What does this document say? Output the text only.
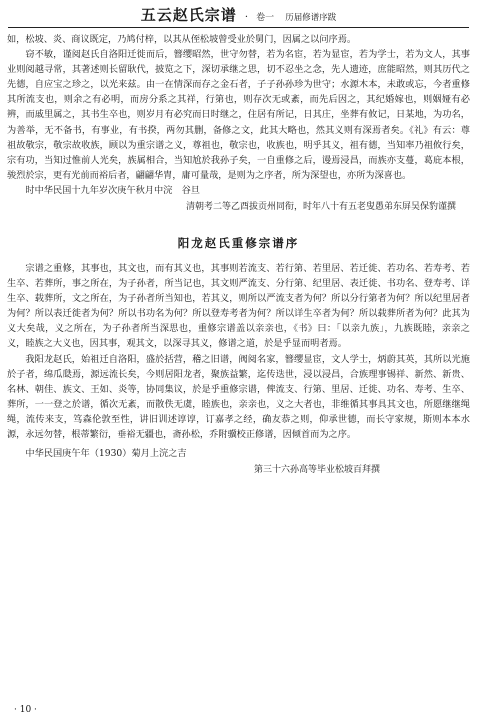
五云赵氏宗谱 · 卷一 历届修谱序跋

如，松坡、炎、商议既定，乃鸠付梓，以其从侄松坡曾受业於舅门，因属之以问序焉。

窃不敏，谨阅赵氏自洛阳迁徙而后，簪缨昭然，世守勿替，若为名宦，若为显宦，若为学士，若为文人，其事业则阅越寻常，其著述则长留耿代，披览之下，深切承继之思，切不忍坐之念，先人遗迹，庶能昭然，则其历代之先德，自应宝之珍之，以光来兹。由一在情深而存之金石者，子子孙孙珍为世守；水源木本，未敢或忘，今者重修其所流支也，则余之有必明，而房分系之其祥，行第也，则存次无或紊，而先后因之，其纪婚嫁也，则姻娅有必辨，而戚里属之，其书生卒也，则岁月有必究而日时继之，住居有所记，日其庄，坐葬有攸记，日某地，为功名，为善举，无不备书，有事业，有书揆，两勿其删，备修之文，此其大略也，然其义则有深焉者矣。《礼》有云：尊祖故敬宗，敬宗故收族，顾以为重宗谱之义，尊祖也，敬宗也，收族也，明乎其义，祖有德，当知率乃祖攸行矣，宗有功，当知过惟前人光矣，族属相合，当知尬於我孙子矣，一自重修之后，谩焉浸昌，而族亦支蔓，葛庇本根，骏烈於宗，更有光前而裕后者，翩翩华胄，庸可量哉，是则为之序者，所为深望也，亦所为深喜也。

时中华民国十九年岁次庚午秋月中浣　谷旦

清朝考二等乙酉拔贡州同衔，时年八十有五老叟愚弟东屏吴保豹谨撰

阳龙赵氏重修宗谱序

宗谱之重修，其事也，其文也，而有其义也，其事则若流支、若行第、若里居、若迁徙、若功名、若寿考、若生卒、若葬所，事之所在，为子孙者，所当记也，其文则严流支、分行第、纪里居、表迁徙、书功名、登寿考、详生卒、载葬所，文之所在，为子孙者所当知也，若其义，则所以严流支者为何？所以分行第者为何？所以纪里居者为何？所以表迁徙者为何？所以书功名为何？所以登寿考者为何？所以详生卒者为何？所以载葬所者为何？此其为义大矣哉，义之所在，为子孙者所当深思也，重修宗谱盖以亲亲也，《书》曰：「以亲九族」，九族既睦，亲亲之义，睦族之大义也，因其事，观其文，以深寻其义，修谱之道，於是乎显而明者焉。

我阳龙赵氏，始祖迁自洛阳，盛於括营，稽之旧谱，阀阅名家，簪缨显宦，文人学士，炳蔚其英，其所以光施於子者，绵瓜瓞焉，源远流长矣，今则居阳龙者，聚族益繁，迄传迭世，浸以浸昌，合族理事锡祥、新然、新贵、名林、朝佳、族文、王如、炎等，协同集议，於是乎重修宗谱，俾流支、行第、里居、迁徙、功名、寿考、生卒、葬所，一一登之於谱，循次无紊，而散佚无虞，睦族也，亲亲也，义之大者也，非维循其事具其文也，所愿继继绳绳，流传来支，笃森伦敦至性，讲旧训述谆谆，订嘉孝之经，确友恭之则，仰承世德，而长守家规，斯则本本水源，永远勿替，根蒂繁衍，垂裕无疆也，斋孙松，乔附骥校正修谱，因倾首而为之序。

中华民国庚午年（1930）菊月上浣之吉

第三十六孙高等毕业松坡百拜撰

· 10 ·
